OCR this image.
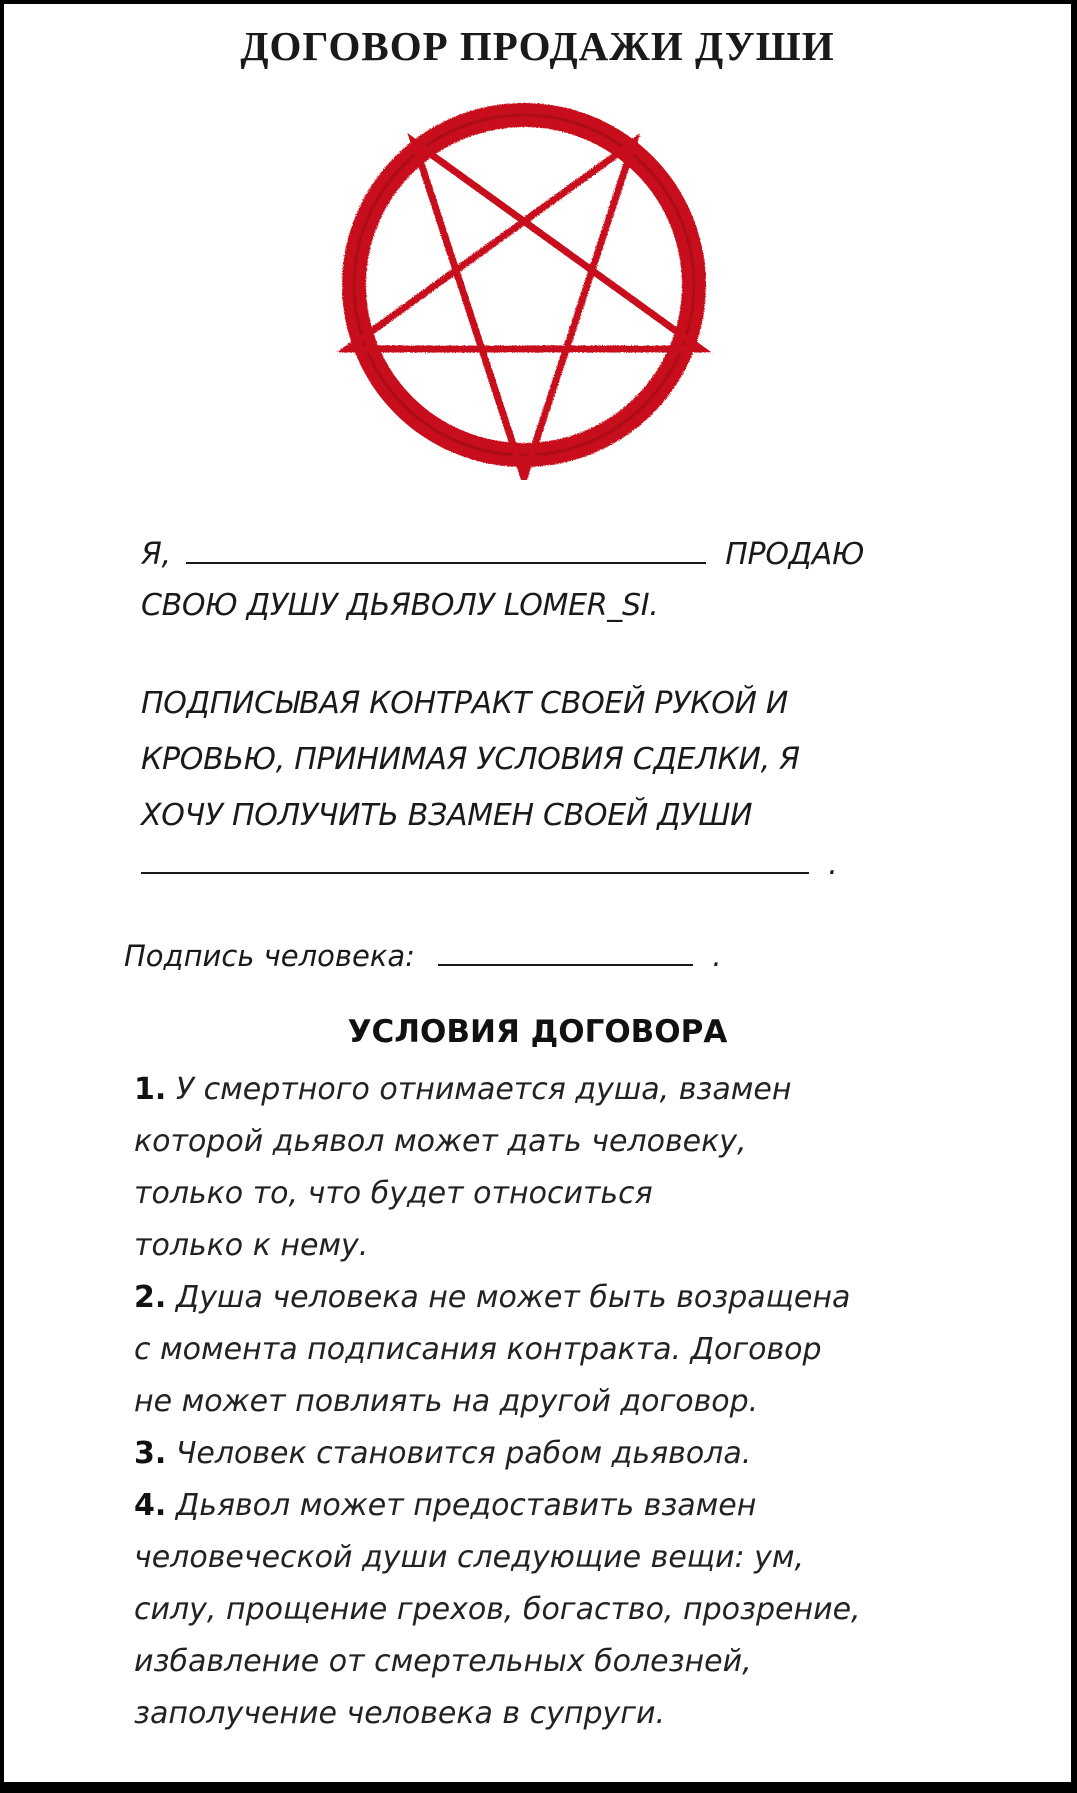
ДОГОВОР ПРОДАЖИ ДУШИ
Я,	ПРОДАЮ
СВОЮ ДУШУ ДЬЯВОЛУ LOMER_SI.
ПОДПИСЫВАЯ КОНТРАКТ СВОЕЙ РУКОЙ И
КРОВЬЮ, ПРИНИМАЯ УСЛОВИЯ СДЕЛКИ, Я
ХОЧУ ПОЛУЧИТЬ ВЗАМЕН СВОЕЙ ДУШИ
.
Подпись человека:	.
УСЛОВИЯ ДОГОВОРА
1. У смертного отнимается душа, взамен
которой дьявол может дать человеку,
только то, что будет относиться
только к нему.
2. Душа человека не может быть возращена
с момента подписания контракта. Договор
не может повлиять на другой договор.
3. Человек становится рабом дьявола.
4. Дьявол может предоставить взамен
человеческой души следующие вещи: ум,
силу, прощение грехов, богаство, прозрение,
избавление от смертельных болезней,
заполучение человека в супруги.
